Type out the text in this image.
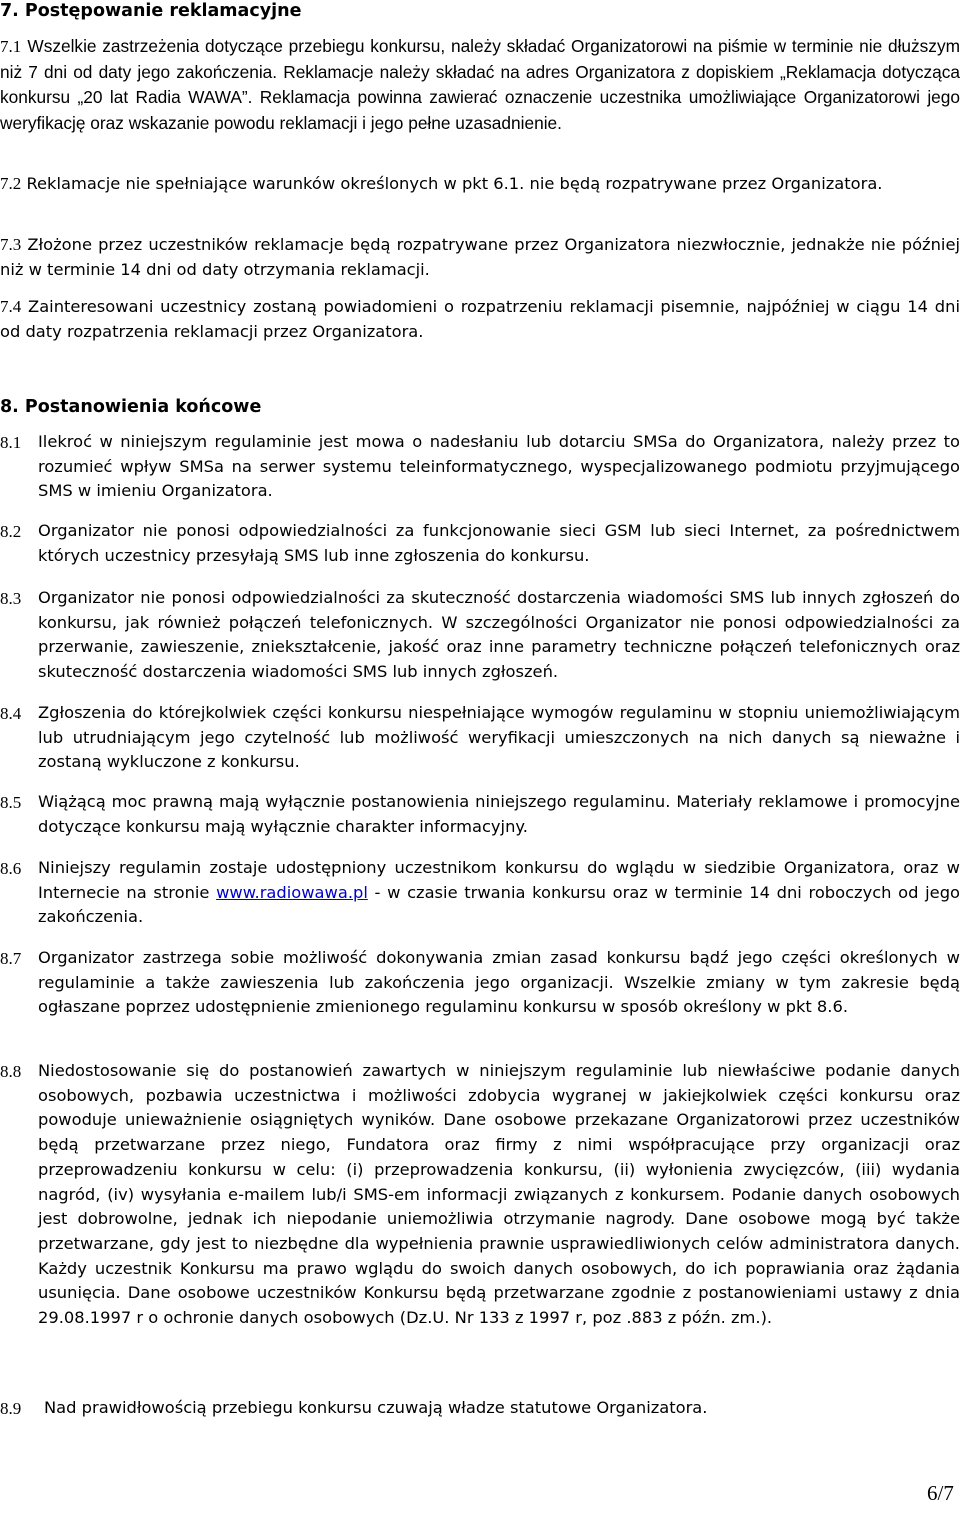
7. Postępowanie reklamacyjne
7.1 Wszelkie zastrzeżenia dotyczące przebiegu konkursu, należy składać Organizatorowi na piśmie w terminie nie dłuższym niż 7 dni od daty jego zakończenia. Reklamacje należy składać na adres Organizatora z dopiskiem „Reklamacja dotycząca konkursu „20 lat Radia WAWA”. Reklamacja powinna zawierać oznaczenie uczestnika umożliwiające Organizatorowi jego weryfikację oraz wskazanie powodu reklamacji i jego pełne uzasadnienie.
7.2 Reklamacje nie spełniające warunków określonych w pkt 6.1. nie będą rozpatrywane przez Organizatora.
7.3 Złożone przez uczestników reklamacje będą rozpatrywane przez Organizatora niezwłocznie, jednakże nie później niż w terminie 14 dni od daty otrzymania reklamacji.
7.4 Zainteresowani uczestnicy zostaną powiadomieni o rozpatrzeniu reklamacji pisemnie, najpóźniej w ciągu 14 dni od daty rozpatrzenia reklamacji przez Organizatora.
8. Postanowienia końcowe
8.1 Ilekroć w niniejszym regulaminie jest mowa o nadesłaniu lub dotarciu SMSa do Organizatora, należy przez to rozumieć wpływ SMSa na serwer systemu teleinformatycznego, wyspecjalizowanego podmiotu przyjmującego SMS w imieniu Organizatora.
8.2 Organizator nie ponosi odpowiedzialności za funkcjonowanie sieci GSM lub sieci Internet, za pośrednictwem których uczestnicy przesyłają SMS lub inne zgłoszenia do konkursu.
8.3 Organizator nie ponosi odpowiedzialności za skuteczność dostarczenia wiadomości SMS lub innych zgłoszeń do konkursu, jak również połączeń telefonicznych. W szczególności Organizator nie ponosi odpowiedzialności za przerwanie, zawieszenie, zniekształcenie, jakość oraz inne parametry techniczne połączeń telefonicznych oraz skuteczność dostarczenia wiadomości SMS lub innych zgłoszeń.
8.4 Zgłoszenia do którejkolwiek części konkursu niespełniające wymogów regulaminu w stopniu uniemożliwiającym lub utrudniającym jego czytelność lub możliwość weryfikacji umieszczonych na nich danych są nieważne i zostaną wykluczone z konkursu.
8.5 Wiążącą moc prawną mają wyłącznie postanowienia niniejszego regulaminu. Materiały reklamowe i promocyjne dotyczące konkursu mają wyłącznie charakter informacyjny.
8.6 Niniejszy regulamin zostaje udostępniony uczestnikom konkursu do wglądu w siedzibie Organizatora, oraz w Internecie na stronie www.radiowawa.pl - w czasie trwania konkursu oraz w terminie 14 dni roboczych od jego zakończenia.
8.7 Organizator zastrzega sobie możliwość dokonywania zmian zasad konkursu bądź jego części określonych w regulaminie a także zawieszenia lub zakończenia jego organizacji. Wszelkie zmiany w tym zakresie będą ogłaszane poprzez udostępnienie zmienionego regulaminu konkursu w sposób określony w pkt 8.6.
8.8 Niedostosowanie się do postanowień zawartych w niniejszym regulaminie lub niewłaściwe podanie danych osobowych, pozbawia uczestnictwa i możliwości zdobycia wygranej w jakiejkolwiek części konkursu oraz powoduje unieważnienie osiągniętych wyników. Dane osobowe przekazane Organizatorowi przez uczestników będą przetwarzane przez niego, Fundatora oraz firmy z nimi współpracujące przy organizacji oraz przeprowadzeniu konkursu w celu: (i) przeprowadzenia konkursu, (ii) wyłonienia zwycięzców, (iii) wydania nagród, (iv) wysyłania e-mailem lub/i SMS-em informacji związanych z konkursem. Podanie danych osobowych jest dobrowolne, jednak ich niepodanie uniemożliwia otrzymanie nagrody. Dane osobowe mogą być także przetwarzane, gdy jest to niezbędne dla wypełnienia prawnie usprawiedliwionych celów administratora danych. Każdy uczestnik Konkursu ma prawo wglądu do swoich danych osobowych, do ich poprawiania oraz żądania usunięcia. Dane osobowe uczestników Konkursu będą przetwarzane zgodnie z postanowieniami ustawy z dnia 29.08.1997 r o ochronie danych osobowych (Dz.U. Nr 133 z 1997 r, poz .883 z późn. zm.).
8.9 Nad prawidłowością przebiegu konkursu czuwają władze statutowe Organizatora.
6/7
